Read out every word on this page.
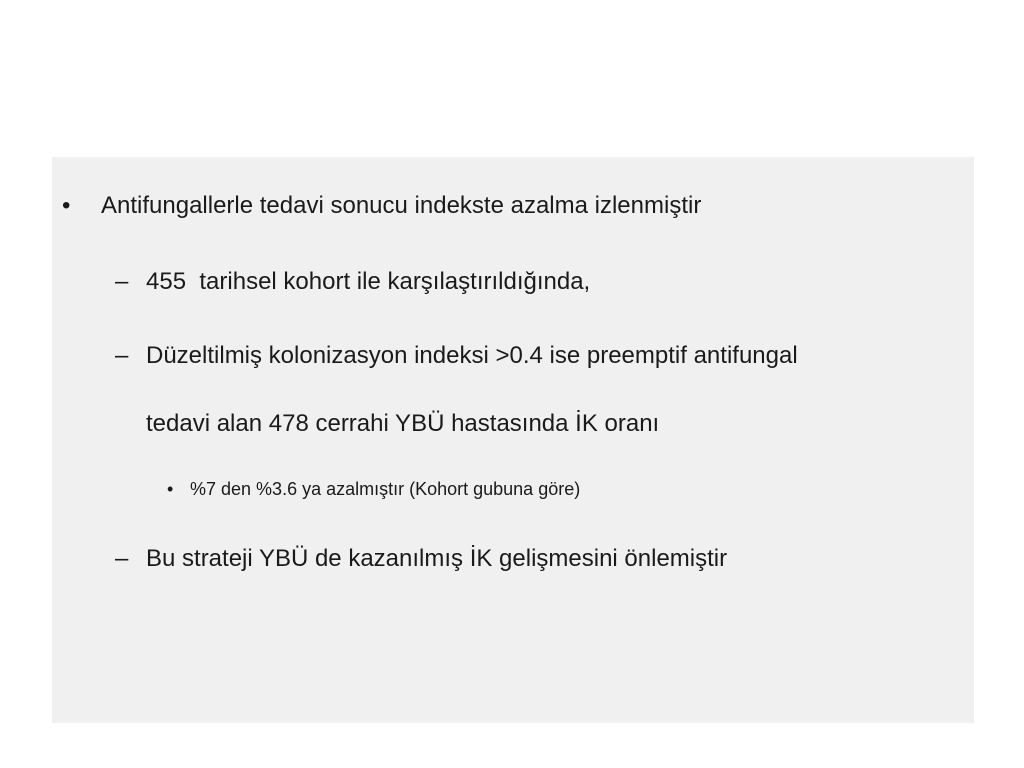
• Antifungallerle tedavi sonucu indekste azalma izlenmiştir
– 455  tarihsel kohort ile karşılaştırıldığında,
– Düzeltilmiş kolonizasyon indeksi >0.4 ise preemptif antifungal
tedavi alan 478 cerrahi YBÜ hastasında İK oranı
• %7 den %3.6 ya azalmıştır (Kohort gubuna göre)
– Bu strateji YBÜ de kazanılmış İK gelişmesini önlemiştir
